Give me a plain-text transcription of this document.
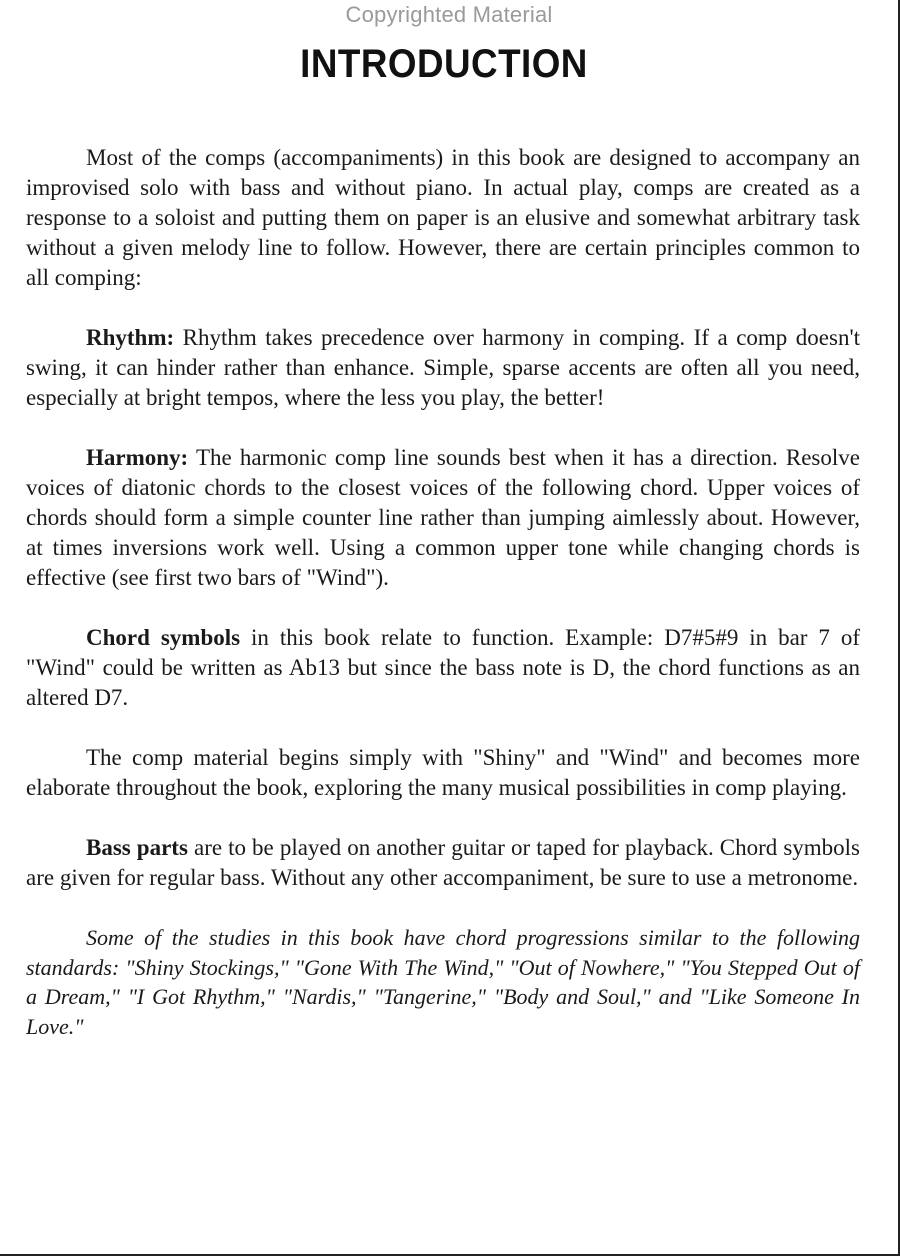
Copyrighted Material
INTRODUCTION

Most of the comps (accompaniments) in this book are designed to accompany an improvised solo with bass and without piano. In actual play, comps are created as a response to a soloist and putting them on paper is an elusive and somewhat arbitrary task without a given melody line to follow. However, there are certain principles common to all comping:

Rhythm: Rhythm takes precedence over harmony in comping. If a comp doesn't swing, it can hinder rather than enhance. Simple, sparse accents are often all you need, especially at bright tempos, where the less you play, the better!

Harmony: The harmonic comp line sounds best when it has a direction. Resolve voices of diatonic chords to the closest voices of the following chord. Upper voices of chords should form a simple counter line rather than jumping aimlessly about. However, at times inversions work well. Using a common upper tone while changing chords is effective (see first two bars of "Wind").

Chord symbols in this book relate to function. Example: D7#5#9 in bar 7 of "Wind" could be written as Ab13 but since the bass note is D, the chord functions as an altered D7.

The comp material begins simply with "Shiny" and "Wind" and becomes more elaborate throughout the book, exploring the many musical possibilities in comp playing.

Bass parts are to be played on another guitar or taped for playback. Chord symbols are given for regular bass. Without any other accompaniment, be sure to use a metronome.

Some of the studies in this book have chord progressions similar to the following standards: "Shiny Stockings," "Gone With The Wind," "Out of Nowhere," "You Stepped Out of a Dream," "I Got Rhythm," "Nardis," "Tangerine," "Body and Soul," and "Like Someone In Love."
